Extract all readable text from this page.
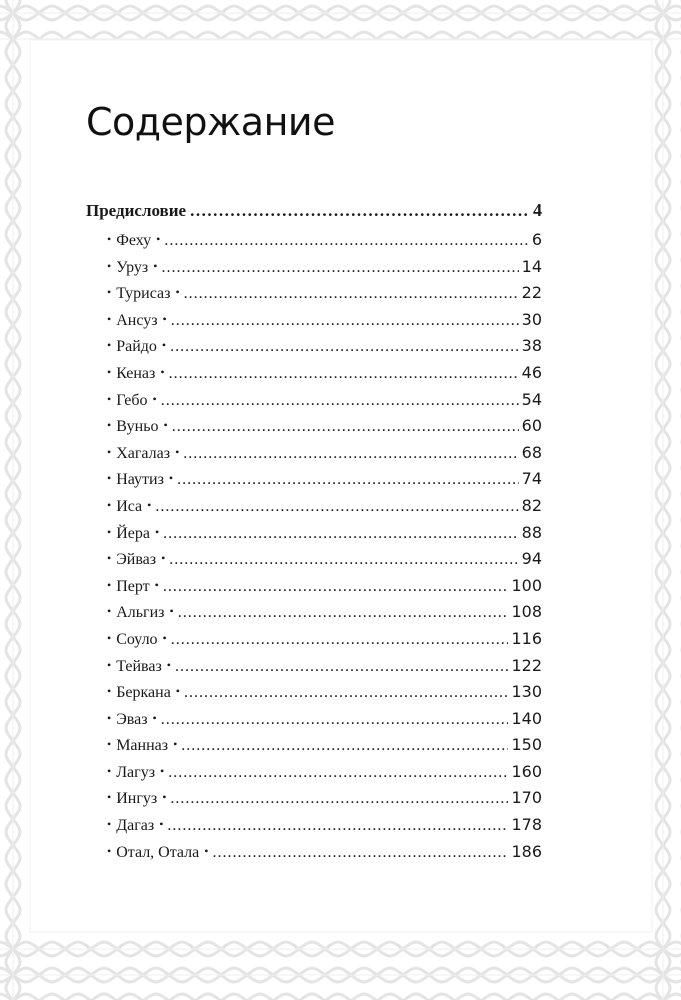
Содержание
Предисловие .....	4
• Феху • .....	6
• Уруз • .....	14
• Турисаз • .....	22
• Ансуз • .....	30
• Райдо • .....	38
• Кеназ • .....	46
• Гебо • .....	54
• Вуньо • .....	60
• Хагалаз • .....	68
• Наутиз • .....	74
• Иса • .....	82
• Йера • .....	88
• Эйваз • .....	94
• Перт • .....	100
• Альгиз • .....	108
• Соуло • .....	116
• Тейваз • .....	122
• Беркана • .....	130
• Эваз • .....	140
• Манназ • .....	150
• Лагуз • .....	160
• Ингуз • .....	170
• Дагаз • .....	178
• Отал, Отала • .....	186
